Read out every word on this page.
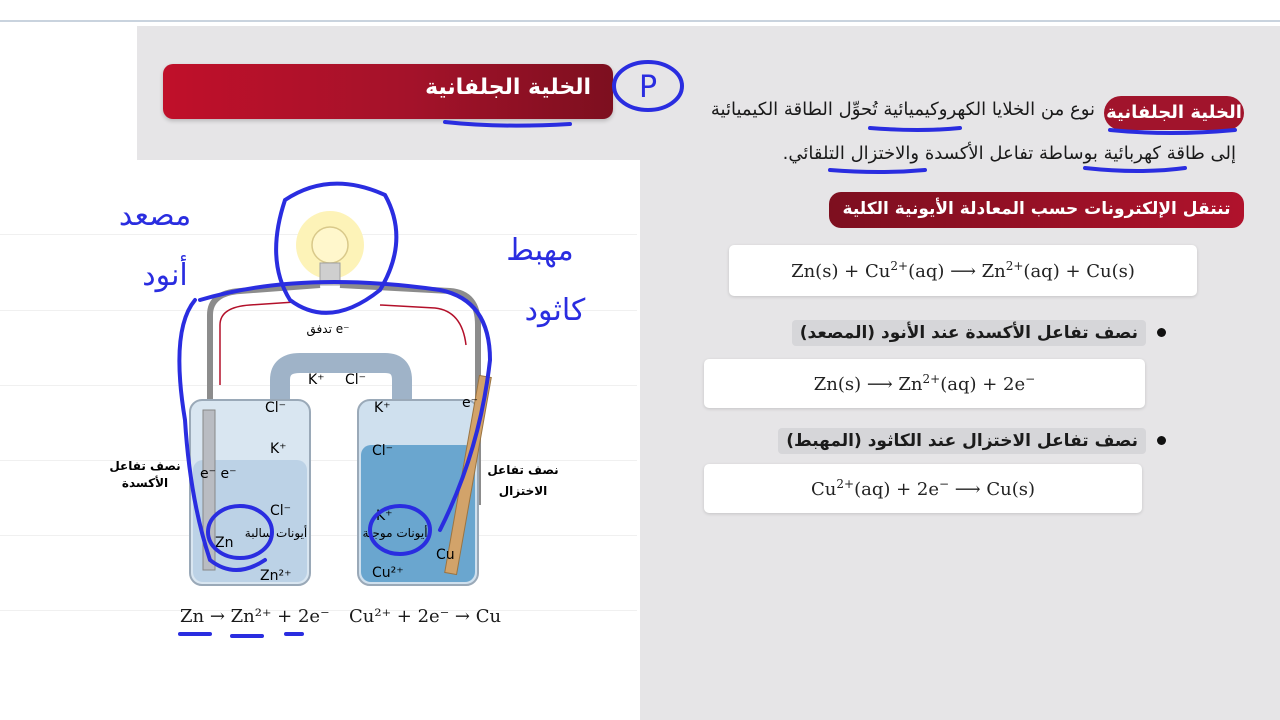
الخلية الجلفانية
الخلية الجلفانية
نوع من الخلايا الكهروكيميائية تُحوِّل الطاقة الكيميائية
إلى طاقة كهربائية بوساطة تفاعل الأكسدة والاختزال التلقائي.
تنتقل الإلكترونات حسب المعادلة الأيونية الكلية
$Zn(s) + Cu^{2+}(aq)$ ⟶ $Zn^{2+}(aq) + Cu(s)$
نصف تفاعل الأكسدة عند الأنود (المصعد)
Zn(s) ⟶ $Zn^{2+}(aq) + 2e^-$
نصف تفاعل الاختزال عند الكاثود (المهبط)
$Cu^{2+}(aq) + 2e^-$ ⟶ Cu(s)
K⁺ Cl⁻
Cl⁻
K⁺
Cl⁻
K⁺
Cl⁻
K⁺
e⁻ e⁻
e⁻
Zn
Zn²⁺
Cu
Cu²⁺
أيونات سالبة	أيونات موجبة
تدفق e⁻
نصف تفاعل
الأكسدة
نصف تفاعل
الاختزال
Zn → Zn²⁺ + 2e⁻ Cu²⁺ + 2e⁻ → Cu
P
مصعد
أنود
مهبط
كاثود
